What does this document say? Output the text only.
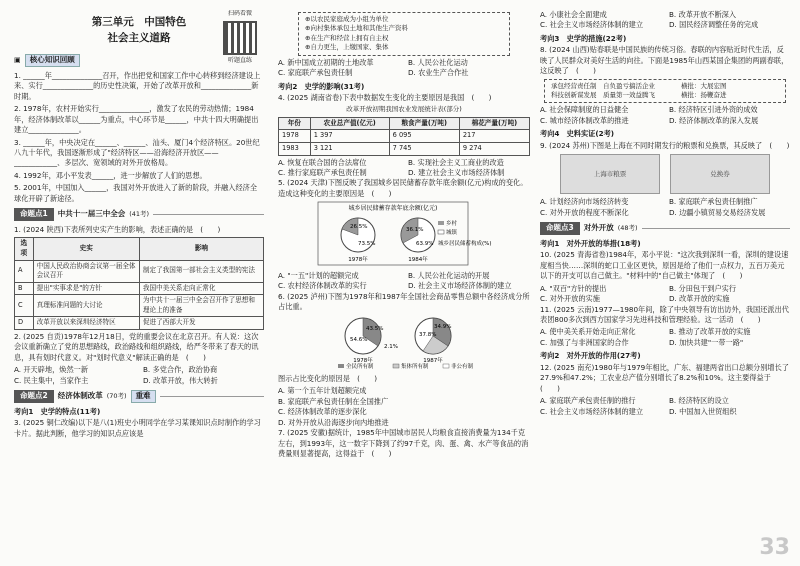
扫码看微
听题直练
第三单元　中国特色
社会主义道路
▣	核心知识回顾
1. ______年______________召开，作出把党和国家工作中心转移到经济建设上来、实行______________的历史性决策，开始了改革开放和______________新时期。
2. 1978年，农村开始实行______________，激发了农民的劳动热情；1984年，经济体制改革以______为重点，中心环节是______，中共十四大明确提出建立______________。
3. ______年，中央决定在______、______、汕头、厦门4个经济特区。20世纪八九十年代，我国逐渐形成了"经济特区——沿海经济开放区——____________、多层次、宽领域的对外开放格局。
4. 1992年，邓小平发表______，进一步解放了人们的思想。
5. 2001年，中国加入______，我国对外开放进入了新的阶段，并融入经济全球化开辟了新途径。
命题点1	中共十一届三中全会 (41考)
1. (2024 陕西)下表所列史实产生的影响，表述正确的是　(　　)
选项	史实	影响
A	中国人民政治协商会议第一届全体会议召开	制定了我国第一部社会主义类型的宪法
B	提出"实事求是"的方针	我国中美关系走向正常化
C	真理标准问题的大讨论	为中共十一届三中全会召开作了思想和理论上的准备
D	改革开放以来深圳经济特区	促进了西部大开发
2. (2025 自贡)1978年12月18日，党的重要会议在北京召开。有人说：这次会议重新确立了党的思想路线，政治路线和组织路线，给严冬带来了春天的讯息，具有划时代意义。对"划时代意义"解读正确的是　(　　)
A. 开天辟地，焕然一新	B. 多党合作，政治协商
C. 民主集中，当家作主	D. 改革开放，伟大转折
命题点2	经济体制改革 (70考)	重难
考向1　史学的特点(11考)
3. (2025 铜仁改编)以下是八(1)班史小明同学在学习某课知识点时制作的学习卡片。据此判断，他学习的知识点应该是
⊕以农民家庭成为小组为单位
⊕向村集体承包土地和其他生产资料
⊕在生产和经营上拥有自主权
⊕自力更生，上缴国家、集体
A. 新中国成立初期的土地改革	B. 人民公社化运动
C. 家庭联产承包责任制	D. 农业生产合作社
考向2　史学的影响(31考)
4. (2025 湖南省卷)下表中数据发生变化的主要原因是我国　(　　)
改革开放初期我国农业发展统计表(部分)
年份	农业总产值(亿元)	粮食产量(万吨)	棉花产量(万吨)
1978	1 397	6 095	217
1983	3 121	7 745	9 274
A. 恢复在联合国的合法席位	B. 实现社会主义工商业的改造
C. 推行家庭联产承包责任制	D. 建立社会主义市场经济体制
5. (2024 天津)下图反映了我国城乡居民储蓄存款年底余额(亿元)构成的变化。造成这种变化的主要原因是　(　　)
城乡居民储蓄存款年底余额(亿元)
26.5%
73.5%
1978年
36.1%
63.9%
1984年
乡村
城镇
城乡居民储蓄构成(%)
A. "一五"计划的超额完成	B. 人民公社化运动的开展
C. 农村经济体制改革的实行	D. 社会主义市场经济体制的建立
6. (2025 泸州)下图为1978年和1987年全国社会商品零售总额中各经济成分所占比重。
54.6%
43.5%
2.1%
1978年
37.8%
34.9%
1987年
全民所有制	集体所有制	非公有制
图示占比变化的原因是　(　　)
A. 第一个五年计划超额完成
B. 家庭联产承包责任制在全国推广
C. 经济体制改革的逐步深化
D. 对外开放从沿海逐步向内地推进
7. (2025 安徽)据统计，1985年中国城市居民人均粮食直接消费量为134千克左右，到1993年，这一数字下降到了约97千克，肉、蛋、禽、水产等食品的消费量则显著提高，这得益于　(　　)
A. 小康社会全面建成	B. 改革开放不断深入
C. 社会主义市场经济体制的建立	D. 国民经济调整任务的完成
考向3　史学的措施(22考)
8. (2024 山西)贴春联是中国民族的传统习俗。春联的内容贴近时代生活，反映了人民群众对美好生活的向往。下面是1985年山西某国企集团的两副春联，这反映了　(　　)
承包经营责任制　自负盈亏搞活企业　　　　横批：大展宏图
科技创新谋发展　质量第一效益腾飞　　　　横批：扬鞭奋进
A. 社会保障制度的日益健全	B. 经济特区引进外资的成效
C. 城市经济体制改革的推进	D. 经济体制改革的深入发展
考向4　史料实证(2考)
9. (2024 苏州)下图是上海在不同时期发行的粮票和兑换票，其反映了　(　　)
上海市粮票	兑换券
A. 计划经济向市场经济转变	B. 家庭联产承包责任制推广
C. 对外开放的程度不断深化	D. 边疆小镇贸易交易经济发展
命题点3	对外开放 (48考)
考向1　对外开放的举措(18考)
10. (2025 青海省卷)1984年，邓小平说："这次我到深圳一看，深圳的建设速度相当快……深圳的蛇口工业区更快，原因是给了他们一点权力，五百万美元以下的开支可以自己做主。"材料中的"自己做主"体现了　(　　)
A. "双百"方针的提出	B. 分田包干到户实行
C. 对外开放的实施	D. 改革开放的实施
11. (2025 云南)1977—1980年间，除了中央领导有访出访外，我国还派出代表团800多次到西方国家学习先进科技和管理经验。这一活动　(　　)
A. 使中美关系开始走向正常化	B. 推动了改革开放的实施
C. 加强了与非洲国家的合作	D. 加快共建"一带一路"
考向2　对外开放的作用(27考)
12. (2025 南充)1980年与1979年相比，广东、福建两省出口总额分别增长了27.9%和47.2%；工农业总产值分别增长了8.2%和10%。这主要得益于　(　　)
A. 家庭联产承包责任制的推行	B. 经济特区的设立
C. 社会主义市场经济体制的建立	D. 中国加入世贸组织
33
